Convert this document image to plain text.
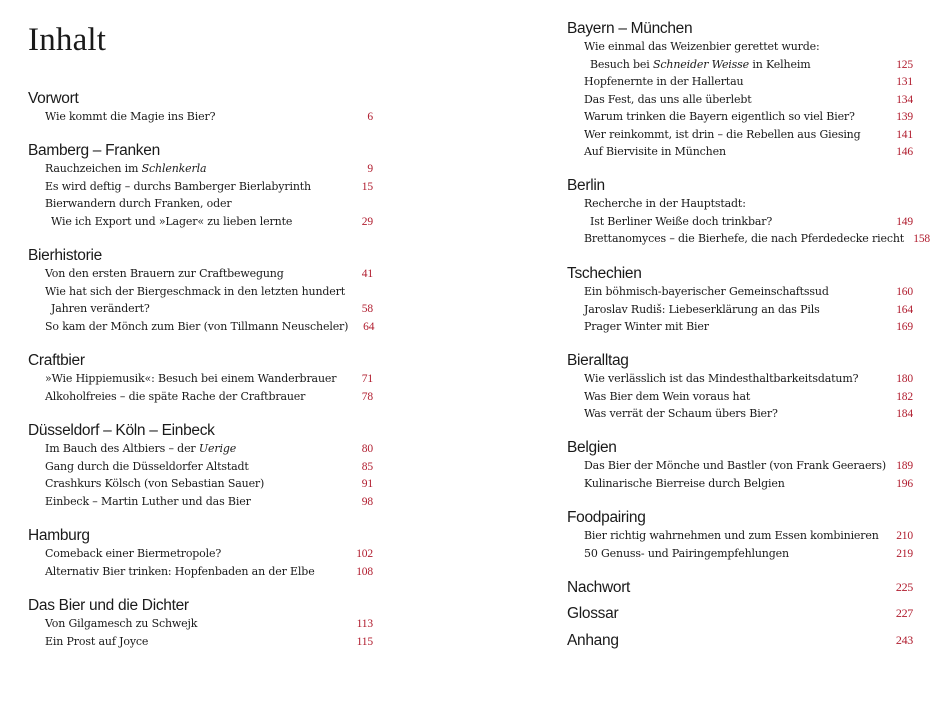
Inhalt
Vorwort
Wie kommt die Magie ins Bier?	6
Bamberg – Franken
Rauchzeichen im Schlenkerla	9
Es wird deftig – durchs Bamberger Bierlabyrinth	15
Bierwandern durch Franken, oder
Wie ich Export und »Lager« zu lieben lernte	29
Bierhistorie
Von den ersten Brauern zur Craftbewegung	41
Wie hat sich der Biergeschmack in den letzten hundert
Jahren verändert?	58
So kam der Mönch zum Bier (von Tillmann Neuscheler)	64
Craftbier
»Wie Hippiemusik«: Besuch bei einem Wanderbrauer	71
Alkoholfreies – die späte Rache der Craftbrauer	78
Düsseldorf – Köln – Einbeck
Im Bauch des Altbiers – der Uerige	80
Gang durch die Düsseldorfer Altstadt	85
Crashkurs Kölsch (von Sebastian Sauer)	91
Einbeck – Martin Luther und das Bier	98
Hamburg
Comeback einer Biermetropole?	102
Alternativ Bier trinken: Hopfenbaden an der Elbe	108
Das Bier und die Dichter
Von Gilgamesch zu Schwejk	113
Ein Prost auf Joyce	115
Bayern – München
Wie einmal das Weizenbier gerettet wurde:
Besuch bei Schneider Weisse in Kelheim	125
Hopfenernte in der Hallertau	131
Das Fest, das uns alle überlebt	134
Warum trinken die Bayern eigentlich so viel Bier?	139
Wer reinkommt, ist drin – die Rebellen aus Giesing	141
Auf Biervisite in München	146
Berlin
Recherche in der Hauptstadt:
Ist Berliner Weiße doch trinkbar?	149
Brettanomyces – die Bierhefe, die nach Pferdedecke riecht 158
Tschechien
Ein böhmisch-bayerischer Gemeinschaftssud	160
Jaroslav Rudiš: Liebeserklärung an das Pils	164
Prager Winter mit Bier	169
Bieralltag
Wie verlässlich ist das Mindesthaltbarkeitsdatum?	180
Was Bier dem Wein voraus hat	182
Was verrät der Schaum übers Bier?	184
Belgien
Das Bier der Mönche und Bastler (von Frank Geeraers) 189
Kulinarische Bierreise durch Belgien	196
Foodpairing
Bier richtig wahrnehmen und zum Essen kombinieren	210
50 Genuss- und Pairingempfehlungen	219
Nachwort	225
Glossar	227
Anhang	243
